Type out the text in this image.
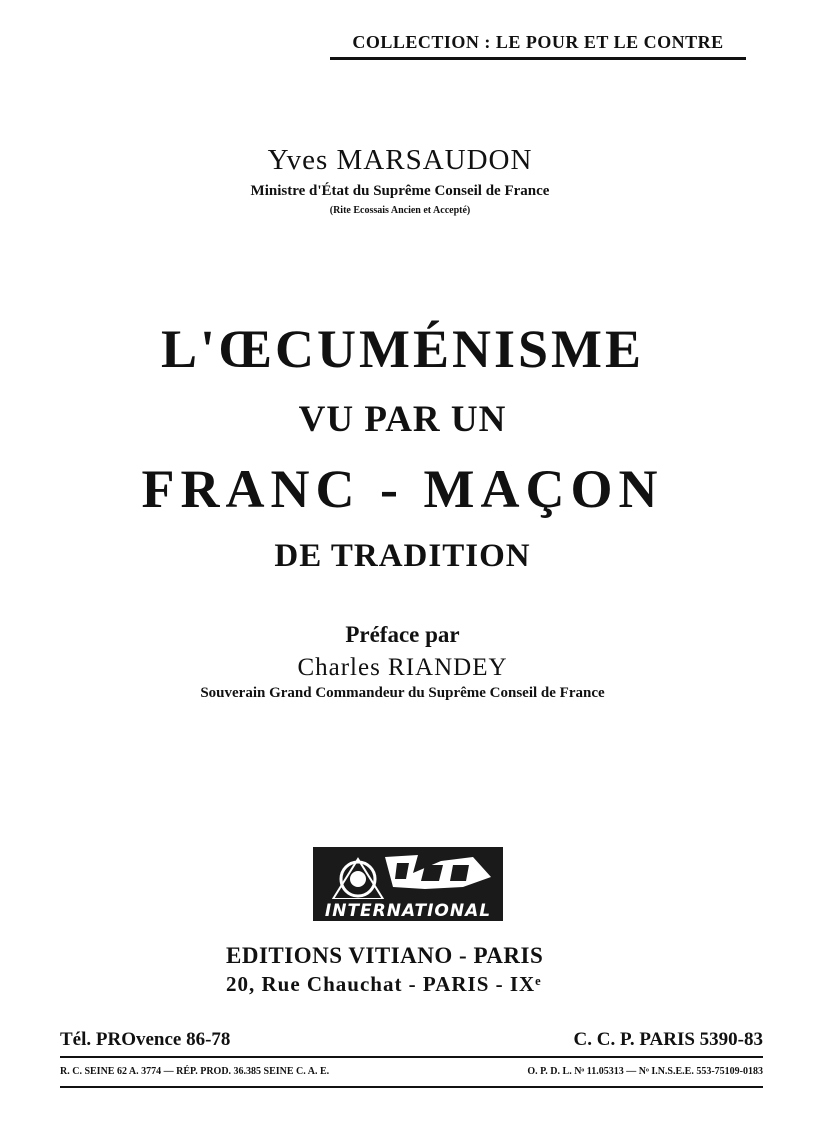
COLLECTION : LE POUR ET LE CONTRE
Yves MARSAUDON
Ministre d'État du Suprême Conseil de France
(Rite Ecossais Ancien et Accepté)
L'ŒCUMÉNISME
VU PAR UN
FRANC - MAÇON
DE TRADITION
Préface par
Charles RIANDEY
Souverain Grand Commandeur du Suprême Conseil de France
INTERNATIONAL
EDITIONS VITIANO - PARIS
20, Rue Chauchat - PARIS - IXᵉ
Tél. PROvence 86-78	C. C. P. PARIS 5390-83
R. C. SEINE 62 A. 3774 — RÉP. PROD. 36.385 SEINE C. A. E.	O. P. D. L. Nᵒ 11.05313 — Nᵒ I.N.S.E.E. 553-75109-0183
